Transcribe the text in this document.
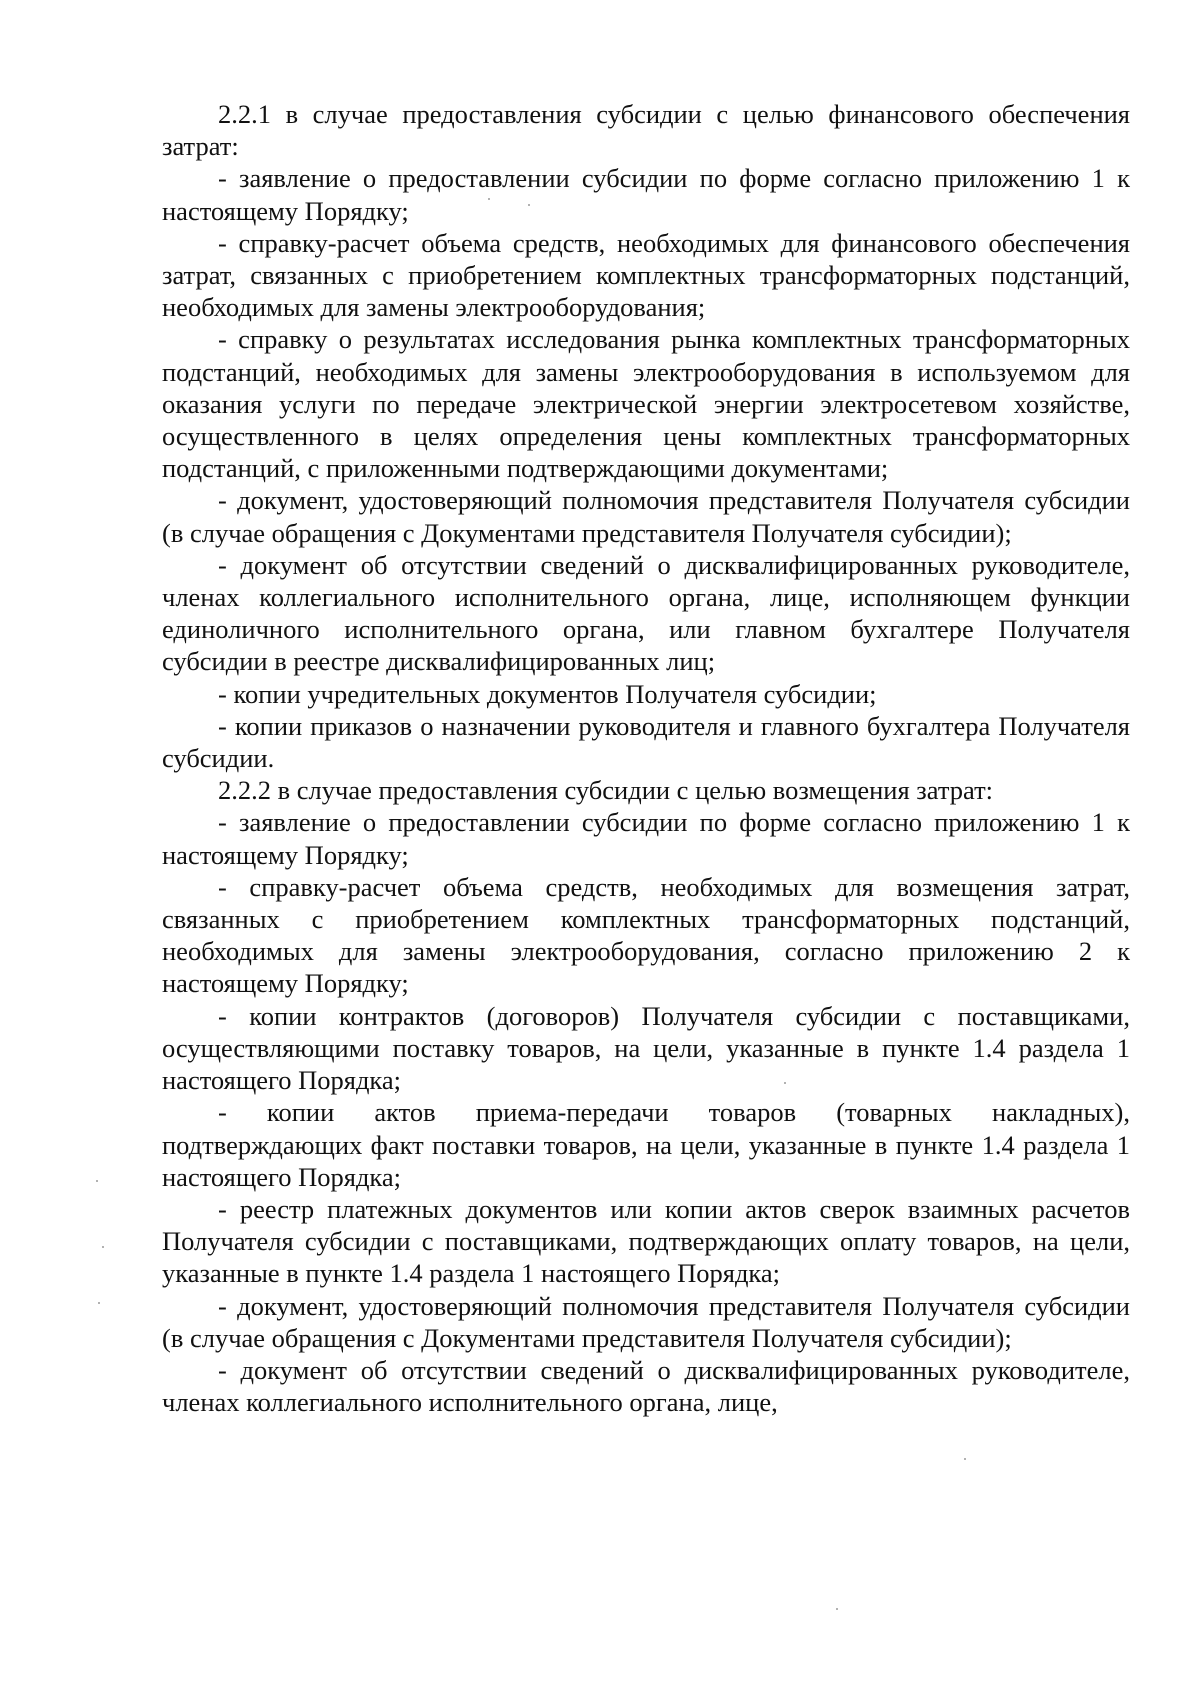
2.2.1 в случае предоставления субсидии с целью финансового обеспечения затрат:

- заявление о предоставлении субсидии по форме согласно приложению 1 к настоящему Порядку;

- справку-расчет объема средств, необходимых для финансового обеспечения затрат, связанных с приобретением комплектных трансформаторных подстанций, необходимых для замены электрооборудования;

- справку о результатах исследования рынка комплектных трансформаторных подстанций, необходимых для замены электрооборудования в используемом для оказания услуги по передаче электрической энергии электросетевом хозяйстве, осуществленного в целях определения цены комплектных трансформаторных подстанций, с приложенными подтверждающими документами;

- документ, удостоверяющий полномочия представителя Получателя субсидии (в случае обращения с Документами представителя Получателя субсидии);

- документ об отсутствии сведений о дисквалифицированных руководителе, членах коллегиального исполнительного органа, лице, исполняющем функции единоличного исполнительного органа, или главном бухгалтере Получателя субсидии в реестре дисквалифицированных лиц;

- копии учредительных документов Получателя субсидии;

- копии приказов о назначении руководителя и главного бухгалтера Получателя субсидии.

2.2.2 в случае предоставления субсидии с целью возмещения затрат:

- заявление о предоставлении субсидии по форме согласно приложению 1 к настоящему Порядку;

- справку-расчет объема средств, необходимых для возмещения затрат, связанных с приобретением комплектных трансформаторных подстанций, необходимых для замены электрооборудования, согласно приложению 2 к настоящему Порядку;

- копии контрактов (договоров) Получателя субсидии с поставщиками, осуществляющими поставку товаров, на цели, указанные в пункте 1.4 раздела 1 настоящего Порядка;

- копии актов приема-передачи товаров (товарных накладных), подтверждающих факт поставки товаров, на цели, указанные в пункте 1.4 раздела 1 настоящего Порядка;

- реестр платежных документов или копии актов сверок взаимных расчетов Получателя субсидии с поставщиками, подтверждающих оплату товаров, на цели, указанные в пункте 1.4 раздела 1 настоящего Порядка;

- документ, удостоверяющий полномочия представителя Получателя субсидии (в случае обращения с Документами представителя Получателя субсидии);

- документ об отсутствии сведений о дисквалифицированных руководителе, членах коллегиального исполнительного органа, лице,
